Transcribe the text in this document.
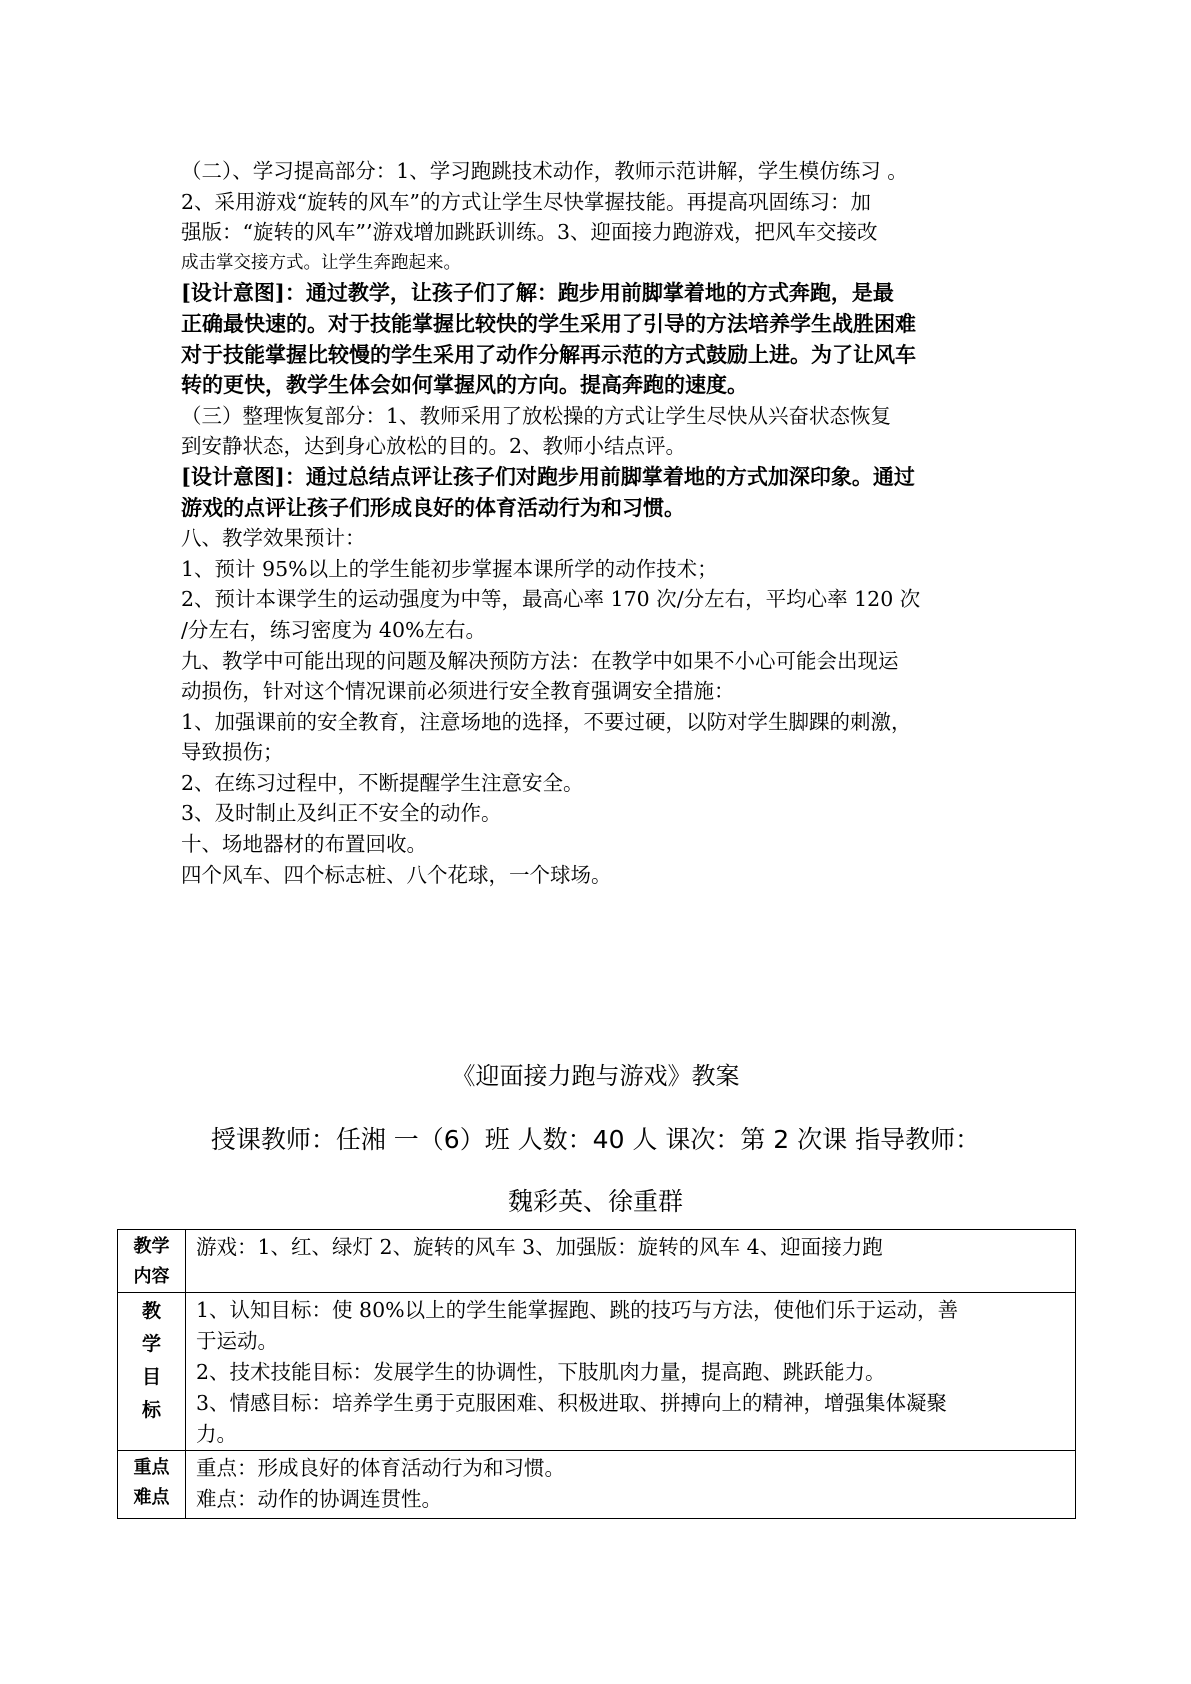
（二）、学习提高部分：1、学习跑跳技术动作，教师示范讲解，学生模仿练习 。
2、采用游戏“旋转的风车”的方式让学生尽快掌握技能。再提高巩固练习：加
强版：“旋转的风车”’游戏增加跳跃训练。3、迎面接力跑游戏，把风车交接改
成击掌交接方式。让学生奔跑起来。
[设计意图]：通过教学，让孩子们了解：跑步用前脚掌着地的方式奔跑，是最
正确最快速的。对于技能掌握比较快的学生采用了引导的方法培养学生战胜困难
对于技能掌握比较慢的学生采用了动作分解再示范的方式鼓励上进。为了让风车
转的更快，教学生体会如何掌握风的方向。提高奔跑的速度。
（三）整理恢复部分：1、教师采用了放松操的方式让学生尽快从兴奋状态恢复
到安静状态，达到身心放松的目的。2、教师小结点评。
[设计意图]：通过总结点评让孩子们对跑步用前脚掌着地的方式加深印象。通过
游戏的点评让孩子们形成良好的体育活动行为和习惯。
八、教学效果预计：
1、预计 95%以上的学生能初步掌握本课所学的动作技术；
2、预计本课学生的运动强度为中等，最高心率 170 次/分左右，平均心率 120 次
/分左右，练习密度为 40%左右。
九、教学中可能出现的问题及解决预防方法：在教学中如果不小心可能会出现运
动损伤，针对这个情况课前必须进行安全教育强调安全措施：
1、加强课前的安全教育，注意场地的选择，不要过硬，以防对学生脚踝的刺激，
导致损伤；
2、在练习过程中，不断提醒学生注意安全。
3、及时制止及纠正不安全的动作。
十、场地器材的布置回收。
四个风车、四个标志桩、八个花球，一个球场。
《迎面接力跑与游戏》教案
授课教师：任湘 一（6）班 人数：40 人 课次：第 2 次课 指导教师：
魏彩英、徐重群
教学
内容	游戏：1、红、绿灯 2、旋转的风车 3、加强版：旋转的风车 4、迎面接力跑

教
学
目
标	1、认知目标：使 80%以上的学生能掌握跑、跳的技巧与方法，使他们乐于运动，善
于运动。
2、技术技能目标：发展学生的协调性，下肢肌肉力量，提高跑、跳跃能力。
3、情感目标：培养学生勇于克服困难、积极进取、拼搏向上的精神，增强集体凝聚
力。

重点
难点	重点：形成良好的体育活动行为和习惯。
难点：动作的协调连贯性。
